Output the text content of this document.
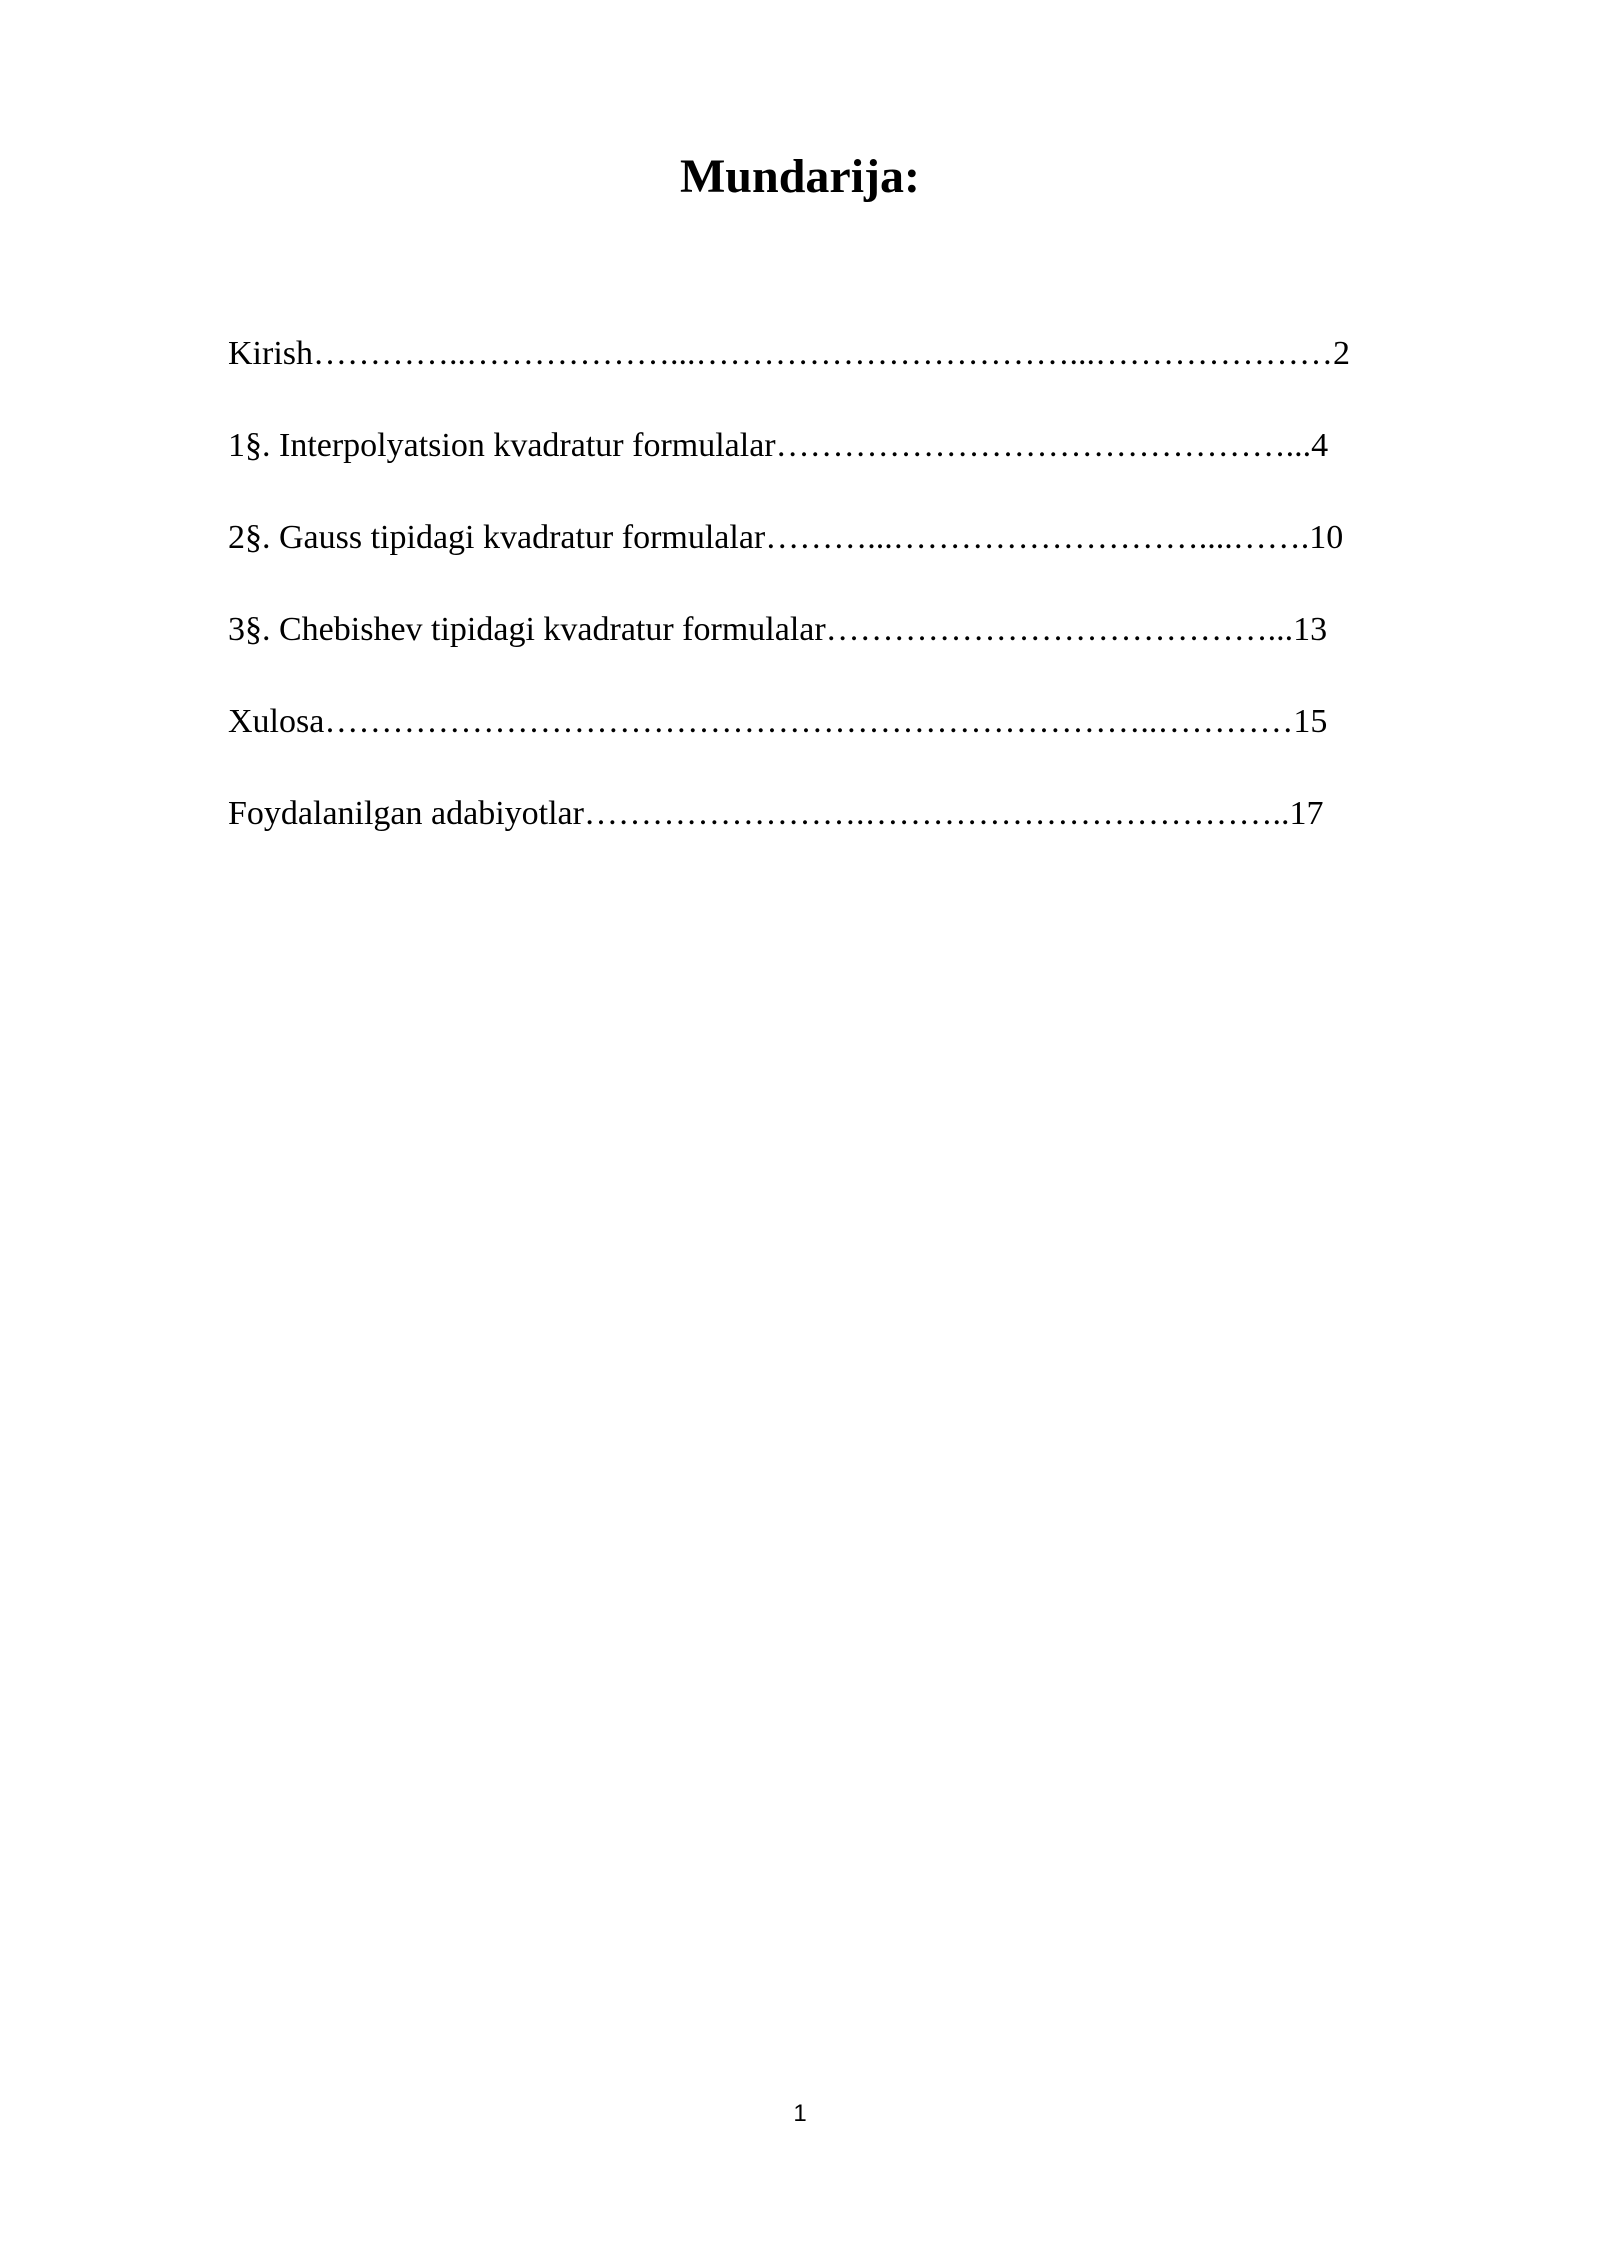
Mundarija:
Kirish…………..………………...……………………………...…………………2
1§. Interpolyatsion kvadratur formulalar………………………………………...4
2§. Gauss tipidagi kvadratur formulalar………...………………………....…….10
3§. Chebishev tipidagi kvadratur formulalar…………………………………...13
Xulosa………………………………………………………………..…………15
Foydalanilgan adabiyotlar…………………….………………………………..17
1
